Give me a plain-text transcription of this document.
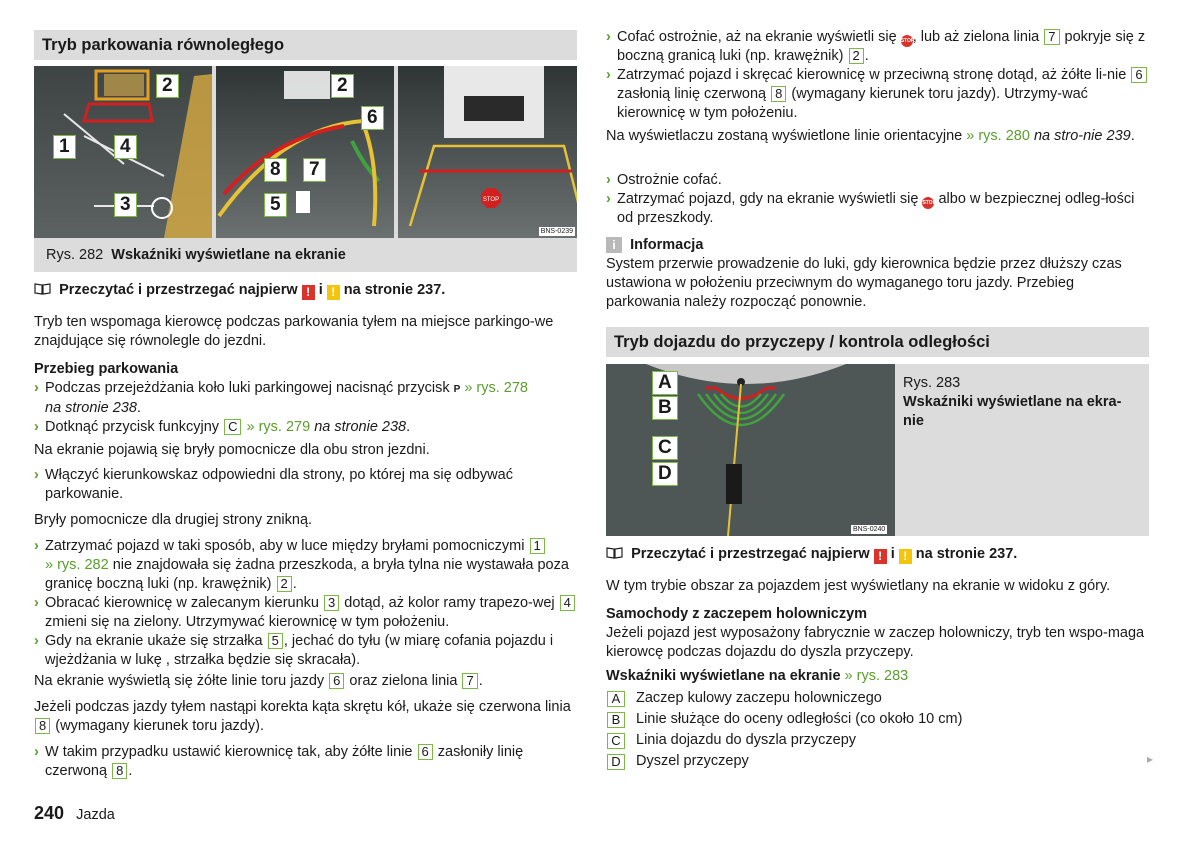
Tryb parkowania równoległego
STOP
2
1	4
3
2
6
8	7
5
BNS-0239
Rys. 282 Wskaźniki wyświetlane na ekranie
Przeczytać i przestrzegać najpierw ! i ! na stronie 237.

Tryb ten wspomaga kierowcę podczas parkowania tyłem na miejsce parkingo-we znajdujące się równolegle do jezdni.

Przebieg parkowania

› Podczas przejeżdżania koło luki parkingowej nacisnąć przycisk P » rys. 278
na stronie 238.
› Dotknąć przycisk funkcyjny C » rys. 279 na stronie 238.

Na ekranie pojawią się bryły pomocnicze dla obu stron jezdni.

› Włączyć kierunkowskaz odpowiedni dla strony, po której ma się odbywać parkowanie.

Bryły pomocnicze dla drugiej strony znikną.

› Zatrzymać pojazd w taki sposób, aby w luce między bryłami pomocniczymi 1
» rys. 282 nie znajdowała się żadna przeszkoda, a bryła tylna nie wystawała poza granicę boczną luki (np. krawężnik) 2 .
› Obracać kierownicę w zalecanym kierunku 3 dotąd, aż kolor ramy trapezo-wej 4 zmieni się na zielony. Utrzymywać kierownicę w tym położeniu.
› Gdy na ekranie ukaże się strzałka 5 , jechać do tyłu (w miarę cofania pojazdu i wjeżdżania w lukę , strzałka będzie się skracała).

Na ekranie wyświetlą się żółte linie toru jazdy 6 oraz zielona linia 7 .

Jeżeli podczas jazdy tyłem nastąpi korekta kąta skrętu kół, ukaże się czerwona linia 8 (wymagany kierunek toru jazdy).

› W takim przypadku ustawić kierownicę tak, aby żółte linie 6 zasłoniły linię czerwoną 8 .
240 Jazda
› Cofać ostrożnie, aż na ekranie wyświetli się STOP, lub aż zielona linia 7 pokryje się z boczną granicą luki (np. krawężnik) 2 .
› Zatrzymać pojazd i skręcać kierownicę w przeciwną stronę dotąd, aż żółte li-nie 6 zasłonią linię czerwoną 8 (wymagany kierunek toru jazdy). Utrzymy-wać kierownicę w tym położeniu.

Na wyświetlaczu zostaną wyświetlone linie orientacyjne » rys. 280 na stro-nie 239.

› Ostrożnie cofać.
› Zatrzymać pojazd, gdy na ekranie wyświetli się STOP albo w bezpiecznej odleg-łości od przeszkody.
i Informacja

System przerwie prowadzenie do luki, gdy kierownica będzie przez dłuższy czas ustawiona w położeniu przeciwnym do wymaganego toru jazdy. Przebieg parkowania należy rozpocząć ponownie.

Tryb dojazdu do przyczepy / kontrola odległości
A
B
C
D
BNS-0240

Rys. 283

Wskaźniki wyświetlane na ekra-nie

Przeczytać i przestrzegać najpierw ! i ! na stronie 237.

W tym trybie obszar za pojazdem jest wyświetlany na ekranie w widoku z góry.

Samochody z zaczepem holowniczym

Jeżeli pojazd jest wyposażony fabrycznie w zaczep holowniczy, tryb ten wspo-maga kierowcę podczas dojazdu do dyszla przyczepy.

Wskaźniki wyświetlane na ekranie » rys. 283

A	Zaczep kulowy zaczepu holowniczego
B	Linie służące do oceny odległości (co około 10 cm)
C Linia dojazdu do dyszla przyczepy
D Dyszel przyczepy	▸
